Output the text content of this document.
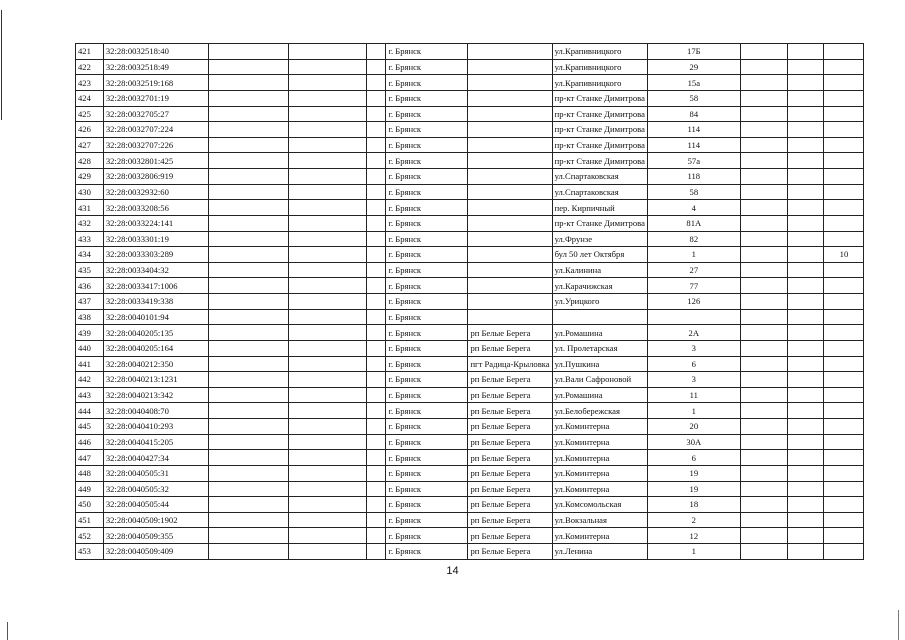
421	32:28:0032518:40				г. Брянск		ул.Крапивницкого	17Б			
422	32:28:0032518:49				г. Брянск		ул.Крапивницкого	29			
423	32:28:0032519:168				г. Брянск		ул.Крапивницкого	15а			
424	32:28:0032701:19				г. Брянск		пр-кт Станке Димитрова	58			
425	32:28:0032705:27				г. Брянск		пр-кт Станке Димитрова	84			
426	32:28:0032707:224				г. Брянск		пр-кт Станке Димитрова	114			
427	32:28:0032707:226				г. Брянск		пр-кт Станке Димитрова	114			
428	32:28:0032801:425				г. Брянск		пр-кт Станке Димитрова	57а			
429	32:28:0032806:919				г. Брянск		ул.Спартаковская	118			
430	32:28:0032932:60				г. Брянск		ул.Спартаковская	58			
431	32:28:0033208:56				г. Брянск		пер. Кирпичный	4			
432	32:28:0033224:141				г. Брянск		пр-кт Станке Димитрова	81А			
433	32:28:0033301:19				г. Брянск		ул.Фрунзе	82			
434	32:28:0033303:289				г. Брянск		бул 50 лет Октября	1			10
435	32:28:0033404:32				г. Брянск		ул.Калинина	27			
436	32:28:0033417:1006				г. Брянск		ул.Карачижская	77			
437	32:28:0033419:338				г. Брянск		ул.Урицкого	126			
438	32:28:0040101:94				г. Брянск						
439	32:28:0040205:135				г. Брянск	рп Белые Берега	ул.Ромашина	2А			
440	32:28:0040205:164				г. Брянск	рп Белые Берега	ул. Пролетарская	3			
441	32:28:0040212:350				г. Брянск	пгт Радица-Крыловка	ул.Пушкина	6			
442	32:28:0040213:1231				г. Брянск	рп Белые Берега	ул.Вали Сафроновой	3			
443	32:28:0040213:342				г. Брянск	рп Белые Берега	ул.Ромашина	11			
444	32:28:0040408:70				г. Брянск	рп Белые Берега	ул.Белобережская	1			
445	32:28:0040410:293				г. Брянск	рп Белые Берега	ул.Коминтерна	20			
446	32:28:0040415:205				г. Брянск	рп Белые Берега	ул.Коминтерна	30А			
447	32:28:0040427:34				г. Брянск	рп Белые Берега	ул.Коминтерна	6			
448	32:28:0040505:31				г. Брянск	рп Белые Берега	ул.Коминтерна	19			
449	32:28:0040505:32				г. Брянск	рп Белые Берега	ул.Коминтерна	19			
450	32:28:0040505:44				г. Брянск	рп Белые Берега	ул.Комсомольская	18			
451	32:28:0040509:1902				г. Брянск	рп Белые Берега	ул.Вокзальная	2			
452	32:28:0040509:355				г. Брянск	рп Белые Берега	ул.Коминтерна	12			
453	32:28:0040509:409				г. Брянск	рп Белые Берега	ул.Ленина	1			
14
